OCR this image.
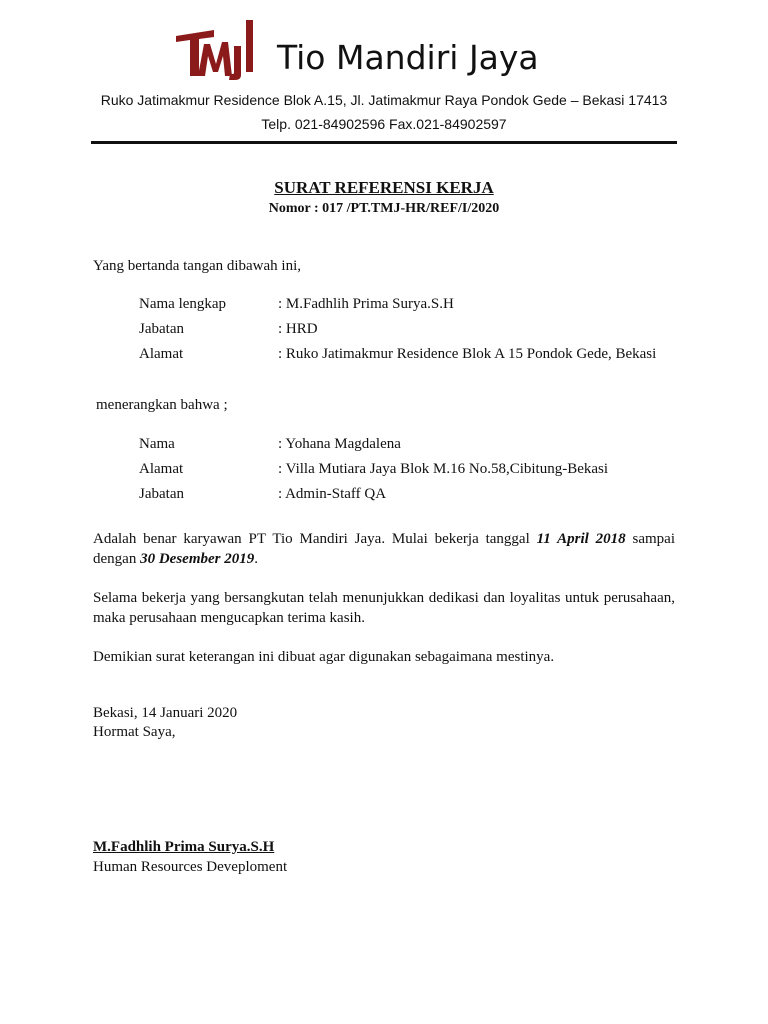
Tio Mandiri Jaya
Ruko Jatimakmur Residence Blok A.15, Jl. Jatimakmur Raya Pondok Gede – Bekasi 17413
Telp. 021-84902596 Fax.021-84902597
SURAT REFERENSI KERJA
Nomor : 017 /PT.TMJ-HR/REF/I/2020
Yang bertanda tangan dibawah ini,
Nama lengkap	: M.Fadhlih Prima Surya.S.H
Jabatan	: HRD
Alamat	: Ruko Jatimakmur Residence Blok A 15 Pondok Gede, Bekasi
menerangkan bahwa ;
Nama	: Yohana Magdalena
Alamat	: Villa Mutiara Jaya Blok M.16 No.58,Cibitung-Bekasi
Jabatan	: Admin-Staff QA
Adalah benar karyawan PT Tio Mandiri Jaya. Mulai bekerja tanggal 11 April 2018 sampai dengan 30 Desember 2019.
Selama bekerja yang bersangkutan telah menunjukkan dedikasi dan loyalitas untuk perusahaan, maka perusahaan mengucapkan terima kasih.
Demikian surat keterangan ini dibuat agar digunakan sebagaimana mestinya.
Bekasi, 14 Januari 2020
Hormat Saya,
M.Fadhlih Prima Surya.S.H
Human Resources Deveploment
